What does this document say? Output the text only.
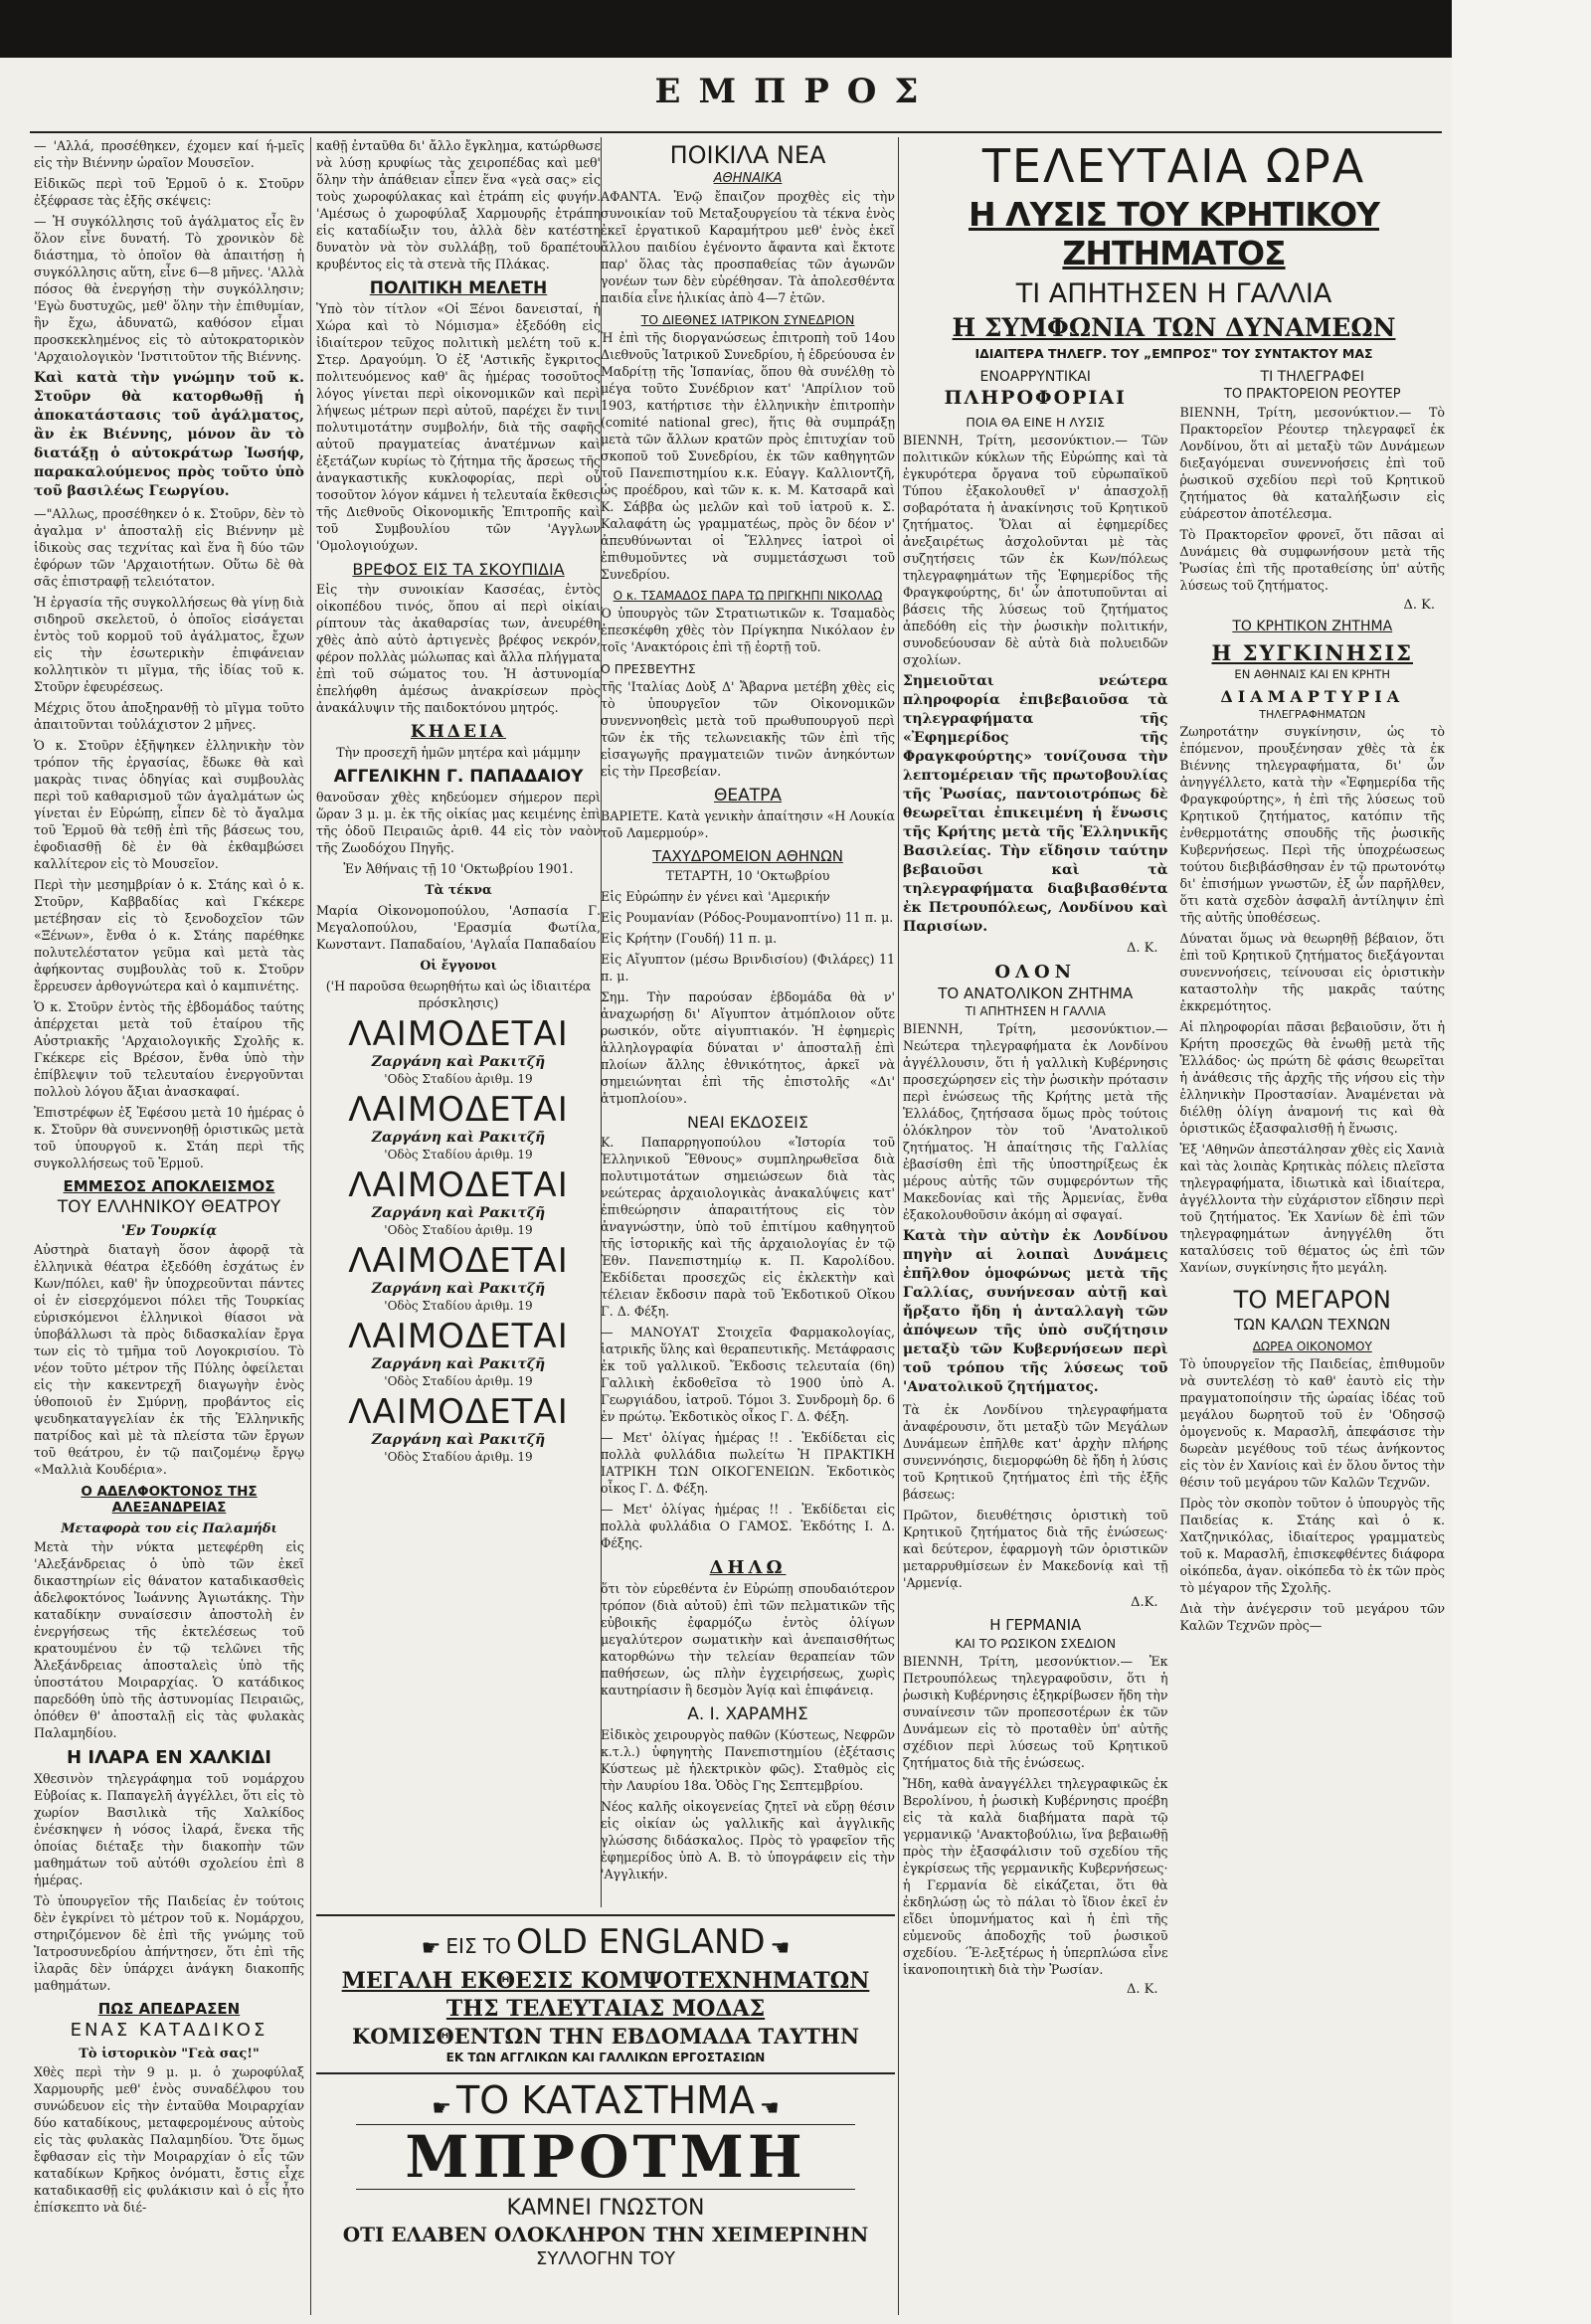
ΕΜΠΡΟΣ

— 'Αλλά, προσέθηκεν, έχομεν καί ή-μεῖς εἰς τὴν Βιέννην ὡραῖον Μουσεῖον.

Εἰδικῶς περὶ τοῦ Ἑρμοῦ ὁ κ. Στοῦρν ἐξέφρασε τὰς ἑξῆς σκέψεις:

— Ἡ συγκόλλησις τοῦ ἀγάλματος εἶς ἓν ὅλον εἶνε δυνατή. Τὸ χρονικὸν δὲ διάστημα, τὸ ὁποῖον θὰ ἀπαιτήσῃ ἡ συγκόλλησις αὕτη, εἶνε 6—8 μῆνες. 'Αλλὰ πόσος θὰ ἐνεργήσῃ τὴν συγκόλλησιν; 'Εγὼ δυστυχῶς, μεθ' ὅλην τὴν ἐπιθυμίαν, ἣν ἔχω, ἀδυνατῶ, καθόσον εἶμαι προσκεκλημένος εἰς τὸ αὐτοκρατορικὸν 'Αρχαιολογικὸν 'Ινστιτοῦτον τῆς Βιέννης.

Καὶ κατὰ τὴν γνώμην τοῦ κ. Στοῦρν θὰ κατορθωθῇ ἡ ἀποκατάστασις τοῦ ἀγάλματος, ἂν ἐκ Βιέννης, μόνον ἂν τὸ διατάξῃ ὁ αὐτοκράτωρ Ἰωσήφ, παρακαλούμενος πρὸς τοῦτο ὑπὸ τοῦ βασιλέως Γεωργίου.

—"Αλλως, προσέθηκεν ὁ κ. Στοῦρν, δὲν τὸ ἀγαλμα ν' ἀποσταλῇ εἰς Βιέννην μὲ ἰδικοὺς σας τεχνίτας καὶ ἕνα ἢ δύο τῶν ἐφόρων τῶν 'Αρχαιοτήτων. Οὕτω δὲ θὰ σᾶς ἐπιστραφῇ τελειότατον.

Ἡ ἐργασία τῆς συγκολλήσεως θὰ γίνῃ διὰ σιδηροῦ σκελετοῦ, ὁ ὁποῖος εἰσάγεται ἐντὸς τοῦ κορμοῦ τοῦ ἀγάλματος, ἔχων εἰς τὴν ἐσωτερικὴν ἐπιφάνειαν κολλητικὸν τι μῖγμα, τῆς ἰδίας τοῦ κ. Στοῦρν ἐφευρέσεως.

Μέχρις ὅτου ἀποξηρανθῇ τὸ μῖγμα τοῦτο ἀπαιτοῦνται τοὐλάχιστον 2 μῆνες.

Ὁ κ. Στοῦρν ἐξῆψηκεν ἐλληνικὴν τὸν τρόπον τῆς ἐργασίας, ἔδωκε θὰ καὶ μακρὰς τινας ὁδηγίας καὶ συμβουλὰς περὶ τοῦ καθαρισμοῦ τῶν ἀγαλμάτων ὡς γίνεται ἐν Εὐρώπῃ, εἶπεν δὲ τὸ ἄγαλμα τοῦ Ἑρμοῦ θὰ τεθῇ ἐπὶ τῆς βάσεως του, ἐφοδιασθῇ δὲ ἐν θὰ ἐκθαμβώσει καλλίτερον εἰς τὸ Μουσεῖον.

Περὶ τὴν μεσημβρίαν ὁ κ. Στάης καὶ ὁ κ. Στοῦρν, Καββαδίας καὶ Γκέκερε μετέβησαν εἰς τὸ ξενοδοχεῖον τῶν «Ξένων», ἔνθα ὁ κ. Στάης παρέθηκε πολυτελέστατον γεῦμα καὶ μετὰ τὰς ἀφήκοντας συμβουλὰς τοῦ κ. Στοῦρν ἔρρευσεν ἀρθογνώτερα καὶ ὁ καμπινέτης.

Ὁ κ. Στοῦρν ἐντὸς τῆς ἑβδομάδος ταύτης ἀπέρχεται μετὰ τοῦ ἑταίρου τῆς Αὐστριακῆς 'Αρχαιολογικῆς Σχολῆς κ. Γκέκερε εἰς Βρέσον, ἔνθα ὑπὸ τὴν ἐπίβλεψιν τοῦ τελευταίου ἐνεργοῦνται πολλοὺ λόγου ἄξιαι ἀνασκαφαί.

Ἐπιστρέφων ἐξ Ἐφέσου μετὰ 10 ἡμέρας ὁ κ. Στοῦρν θὰ συνεννοηθῇ ὁριστικῶς μετὰ τοῦ ὑπουργοῦ κ. Στάη περὶ τῆς συγκολλήσεως τοῦ Ἑρμοῦ.

ΕΜΜΕΣΟΣ ΑΠΟΚΛΕΙΣΜΟΣ
ΤΟΥ ΕΛΛΗΝΙΚΟΥ ΘΕΑΤΡΟΥ
'Εν Τουρκίᾳ

Αὐστηρὰ διαταγὴ ὅσον ἀφορᾷ τὰ ἐλληνικὰ θέατρα ἐξεδόθη ἐσχάτως ἐν Κων/πόλει, καθ' ἣν ὑποχρεοῦνται πάντες οἱ ἐν εἰσερχόμενοι πόλει τῆς Τουρκίας εὑρισκόμενοι ἑλληνικοὶ θίασοι νὰ ὑποβάλλωσι τὰ πρὸς διδασκαλίαν ἔργα των εἰς τὸ τμῆμα τοῦ Λογοκρισίου. Τὸ νέον τοῦτο μέτρον τῆς Πύλης ὀφείλεται εἰς τὴν κακεντρεχῆ διαγωγὴν ἐνὸς ὑθοποιοῦ ἐν Σμύρνῃ, προβάντος εἰς ψευδηκαταγγελίαν ἐκ τῆς Ἑλληνικῆς πατρίδος καὶ μὲ τὰ πλείστα τῶν ἔργων τοῦ θεάτρου, ἐν τῷ παιζομένῳ ἔργῳ «Μαλλιὰ Κουδέρια».

Ο ΑΔΕΛΦΟΚΤΟΝΟΣ ΤΗΣ ΑΛΕΞΑΝΔΡΕΙΑΣ
Μεταφορὰ του εἰς Παλαμήδι

Μετὰ τὴν νύκτα μετεφέρθη εἰς 'Αλεξάνδρειας ὁ ὑπὸ τῶν ἐκεῖ δικαστηρίων εἰς θάνατον καταδικασθεὶς ἀδελφοκτόνος Ἰωάννης Ἀγιωτάκης. Τὴν καταδίκην συναίσεσιν ἀποστολὴ ἐν ἐνεργήσεως τῆς ἐκτελέσεως τοῦ κρατουμένου ἐν τῷ τελῶνει τῆς Ἀλεξάνδρειας ἀποσταλεὶς ὑπὸ τῆς ὑποστάτου Μοιραρχίας. Ὁ κατάδικος παρεδόθη ὑπὸ τῆς ἀστυνομίας Πειραιῶς, ὁπόθεν θ' ἀποσταλῇ εἰς τὰς φυλακὰς Παλαμηδίου.

Η ΙΛΑΡΑ ΕΝ ΧΑΛΚΙΔΙ

Χθεσινὸν τηλεγράφημα τοῦ νομάρχου Εὐβοίας κ. Παπαγελῆ ἀγγέλλει, ὅτι εἰς τὸ χωρίον Βασιλικὰ τῆς Χαλκίδος ἐνέσκηψεν ἡ νόσος ἰλαρά, ἕνεκα τῆς ὁποίας διέταξε τὴν διακοπὴν τῶν μαθημάτων τοῦ αὐτόθι σχολείου ἐπὶ 8 ἡμέρας.

Τὸ ὑπουργεῖον τῆς Παιδείας ἐν τούτοις δὲν ἐγκρίνει τὸ μέτρον τοῦ κ. Νομάρχου, στηριζόμενον δὲ ἐπὶ τῆς γνώμης τοῦ Ἰατροσυνεδρίου ἀπήντησεν, ὅτι ἐπὶ τῆς ἰλαρᾶς δὲν ὑπάρχει ἀνάγκη διακοπῆς μαθημάτων.

ΠΩΣ ΑΠΕΔΡΑΣΕΝ
ΕΝΑΣ ΚΑΤΑΔΙΚΟΣ
Τὸ ἱστορικὸν "Γεὰ σας!"

Χθὲς περὶ τὴν 9 μ. μ. ὁ χωροφύλαξ Χαρμουρῆς μεθ' ἑνὸς συναδέλφου του συνώδευον εἰς τὴν ἐνταῦθα Μοιραρχίαν δύο καταδίκους, μεταφερομένους αὐτοὺς εἰς τὰς φυλακὰς Παλαμηδίου. Ὅτε ὅμως ἔφθασαν εἰς τὴν Μοιραρχίαν ὁ εἷς τῶν καταδίκων Κρῆκος ὀνόματι, ἔστις εἶχε καταδικασθῇ εἰς φυλάκισιν καὶ ὁ εἷς ἦτο ἐπίσκεπτο νὰ διέ-

καθῇ ἐνταῦθα δι' ἄλλο ἔγκλημα, κατώρθωσε νὰ λύσῃ κρυφίως τὰς χειροπέδας καὶ μεθ' ὅλην τὴν ἀπάθειαν εἶπεν ἕνα «γεὰ σας» εἰς τοὺς χωροφύλακας καὶ ἐτράπη εἰς φυγήν. 'Αμέσως ὁ χωροφύλαξ Χαρμουρῆς ἐτράπη εἰς καταδίωξιν του, ἀλλὰ δὲν κατέστη δυνατὸν νὰ τὸν συλλάβῃ, τοῦ δραπέτου κρυβέντος εἰς τὰ στενὰ τῆς Πλάκας.

ΠΟΛΙΤΙΚΗ ΜΕΛΕΤΗ

Ὑπὸ τὸν τίτλον «Οἱ Ξένοι δανεισταί, ἡ Χώρα καὶ τὸ Νόμισμα» ἐξεδόθη εἰς ἰδιαίτερον τεῦχος πολιτικὴ μελέτη τοῦ κ. Στερ. Δραγούμη. Ὁ ἐξ 'Αστικῆς ἔγκριτος πολιτευόμενος καθ' ἃς ἡμέρας τοσοῦτος λόγος γίνεται περὶ οἰκονομικῶν καὶ περὶ λήψεως μέτρων περὶ αὐτοῦ, παρέχει ἔν τινι πολυτιμοτάτην συμβολήν, διὰ τῆς σαφῆς αὐτοῦ πραγματείας ἀνατέμνων καὶ ἐξετάζων κυρίως τὸ ζήτημα τῆς ἄρσεως τῆς ἀναγκαστικῆς κυκλοφορίας, περὶ οὗ τοσοῦτον λόγον κάμνει ἡ τελευταία ἔκθεσις τῆς Διεθνοῦς Οἰκονομικῆς Ἐπιτροπῆς καὶ τοῦ Συμβουλίου τῶν 'Αγγλων 'Ομολογιούχων.

ΒΡΕΦΟΣ ΕΙΣ ΤΑ ΣΚΟΥΠΙΔΙΑ

Εἰς τὴν συνοικίαν Κασσέας, ἐντὸς οἰκοπέδου τινός, ὅπου αἱ περὶ οἰκίαι ρίπτουν τὰς ἀκαθαρσίας των, ἀνευρέθη χθὲς ἀπὸ αὐτὸ ἀρτιγενὲς βρέφος νεκρόν, φέρον πολλὰς μώλωπας καὶ ἄλλα πλήγματα ἐπὶ τοῦ σώματος του. Ἡ ἀστυνομία ἐπελήφθη ἀμέσως ἀνακρίσεων πρὸς ἀνακάλυψιν τῆς παιδοκτόνου μητρός.

ΚΗΔΕΙΑ

Τὴν προσεχῆ ἡμῶν μητέρα καὶ μάμμην

ΑΓΓΕΛΙΚΗΝ Γ. ΠΑΠΑΔΑΙΟΥ

θανοῦσαν χθὲς κηδεύομεν σήμερον περὶ ὥραν 3 μ. μ. ἐκ τῆς οἰκίας μας κειμένης ἐπὶ τῆς ὁδοῦ Πειραιῶς ἀριθ. 44 εἰς τὸν ναὸν τῆς Ζωοδόχου Πηγῆς.

Ἐν Ἀθήναις τῇ 10 'Οκτωβρίου 1901.

Τὰ τέκνα

Μαρία Οἰκονομοπούλου, 'Ασπασία Γ. Μεγαλοπούλου, 'Ερασμία Φωτίλα, Κωνσταντ. Παπαδαίου, 'Αγλαΐα Παπαδαίου

Οἱ ἔγγονοι

('Η παροῦσα θεωρηθήτω καὶ ὡς ἰδιαιτέρα πρόσκλησις)

ΛΑΙΜΟΔΕΤΑΙ
Ζαργάνη καὶ Ρακιτζῆ
'Οδὸς Σταδίου ἀριθμ. 19
ΛΑΙΜΟΔΕΤΑΙ
Ζαργάνη καὶ Ρακιτζῆ
'Οδὸς Σταδίου ἀριθμ. 19
ΛΑΙΜΟΔΕΤΑΙ
Ζαργάνη καὶ Ρακιτζῆ
'Οδὸς Σταδίου ἀριθμ. 19
ΛΑΙΜΟΔΕΤΑΙ
Ζαργάνη καὶ Ρακιτζῆ
'Οδὸς Σταδίου ἀριθμ. 19
ΛΑΙΜΟΔΕΤΑΙ
Ζαργάνη καὶ Ρακιτζῆ
'Οδὸς Σταδίου ἀριθμ. 19
ΛΑΙΜΟΔΕΤΑΙ
Ζαργάνη καὶ Ρακιτζῆ
'Οδὸς Σταδίου ἀριθμ. 19
ΠΟΙΚΙΛΑ ΝΕΑ
ΑΘΗΝΑΙΚΑ

ΑΦΑΝΤΑ. Ἐνῷ ἔπαιζον προχθὲς εἰς τὴν συνοικίαν τοῦ Μεταξουργείου τὰ τέκνα ἑνὸς ἐκεῖ ἐργατικοῦ Καραμήτρου μεθ' ἑνὸς ἐκεῖ ἄλλου παιδίου ἐγένοντο ἄφαντα καὶ ἔκτοτε παρ' ὅλας τὰς προσπαθείας τῶν ἀγωνῶν γονέων των δὲν εὑρέθησαν. Τὰ ἀπολεσθέντα παιδία εἶνε ἡλικίας ἀπὸ 4—7 ἐτῶν.

ΤΟ ΔΙΕΘΝΕΣ ΙΑΤΡΙΚΟΝ ΣΥΝΕΔΡΙΟΝ

Ἡ ἐπὶ τῆς διοργανώσεως ἐπιτροπὴ τοῦ 14ου Διεθνοῦς Ἰατρικοῦ Συνεδρίου, ἡ ἐδρεύουσα ἐν Μαδρίτῃ τῆς Ἱσπανίας, ὅπου θὰ συνέλθῃ τὸ μέγα τοῦτο Συνέδριον κατ' 'Απρίλιον τοῦ 1903, κατήρτισε τὴν ἑλληνικὴν ἐπιτροπὴν (comité national grec), ἥτις θὰ συμπράξῃ μετὰ τῶν ἄλλων κρατῶν πρὸς ἐπιτυχίαν τοῦ σκοποῦ τοῦ Συνεδρίου, ἐκ τῶν καθηγητῶν τοῦ Πανεπιστημίου κ.κ. Εὐαγγ. Καλλιοντζῆ, ὡς προέδρου, καὶ τῶν κ. κ. Μ. Κατσαρᾶ καὶ Κ. Σάββα ὡς μελῶν καὶ τοῦ ἰατροῦ κ. Σ. Καλαφάτη ὡς γραμματέως, πρὸς ὃν δέον ν' ἀπευθύνωνται οἱ Ἕλληνες ἰατροὶ οἱ ἐπιθυμοῦντες νὰ συμμετάσχωσι τοῦ Συνεδρίου.

Ο κ. ΤΣΑΜΑΔΟΣ ΠΑΡΑ ΤΩ ΠΡΙΓΚΗΠΙ ΝΙΚΟΛΑΩ

Ὁ ὑπουργὸς τῶν Στρατιωτικῶν κ. Τσαμαδὸς ἐπεσκέφθη χθὲς τὸν Πρίγκηπα Νικόλαον ἐν τοῖς 'Ανακτόροις ἐπὶ τῇ ἑορτῇ τοῦ.

Ο ΠΡΕΣΒΕΥΤΗΣ

τῆς 'Ιταλίας Δοὺξ Δ' Ἄβαρνα μετέβη χθὲς εἰς τὸ ὑπουργεῖον τῶν Οἰκονομικῶν συνεννοηθεὶς μετὰ τοῦ πρωθυπουργοῦ περὶ τῶν ἐκ τῆς τελωνειακῆς τῶν ἐπὶ τῆς εἰσαγωγῆς πραγματειῶν τινῶν ἀνηκόντων εἰς τὴν Πρεσβείαν.

ΘΕΑΤΡΑ

ΒΑΡΙΕΤΕ. Κατὰ γενικὴν ἀπαίτησιν «Η Λουκία τοῦ Λαμερμούρ».

ΤΑΧΥΔΡΟΜΕΙΟΝ ΑΘΗΝΩΝ

ΤΕΤΑΡΤΗ, 10 'Οκτωβρίου

Εἰς Εὐρώπην ἐν γένει καὶ 'Αμερικήν

Εἰς Ρουμανίαν (Ρόδος-Ρουμανοπτίνο) 11 π. μ.

Εἰς Κρήτην (Γουδή) 11 π. μ.

Εἰς Αἴγυπτον (μέσω Βρινδισίου) (Φιλάρες) 11 π. μ.

Σημ. Τὴν παρούσαν ἑβδομάδα θὰ ν' ἀναχωρήσῃ δι' Αἴγυπτον ἀτμόπλοιον οὔτε ρωσικόν, οὔτε αἰγυπτιακόν. Ἡ ἐφημερὶς ἀλληλογραφία δύναται ν' ἀποσταλῇ ἐπὶ πλοίων ἄλλης ἐθνικότητος, ἀρκεῖ νὰ σημειώνηται ἐπὶ τῆς ἐπιστολῆς «Δι' ἀτμοπλοίου».

ΝΕΑΙ ΕΚΔΟΣΕΙΣ

Κ. Παπαρρηγοπούλου «Ἱστορία τοῦ Ἑλληνικοῦ Ἔθνους» συμπληρωθεῖσα διὰ πολυτιμοτάτων σημειώσεων διὰ τὰς νεώτερας ἀρχαιολογικὰς ἀνακαλύψεις κατ' ἐπιθεώρησιν ἀπαραιτήτους εἰς τὸν ἀναγνώστην, ὑπὸ τοῦ ἐπιτίμου καθηγητοῦ τῆς ἱστορικῆς καὶ τῆς ἀρχαιολογίας ἐν τῷ Ἐθν. Πανεπιστημίῳ κ. Π. Καρολίδου. Ἐκδίδεται προσεχῶς εἰς ἐκλεκτὴν καὶ τέλειαν ἔκδοσιν παρὰ τοῦ Ἐκδοτικοῦ Οἴκου Γ. Δ. Φέξη.

— ΜΑΝΟΥΑΤ Στοιχεῖα Φαρμακολογίας, ἰατρικῆς ὕλης καὶ θεραπευτικῆς. Μετάφρασις ἐκ τοῦ γαλλικοῦ. Ἔκδοσις τελευταία (6η) Γαλλικὴ ἐκδοθεῖσα τὸ 1900 ὑπὸ Α. Γεωργιάδου, ἰατροῦ. Τόμοι 3. Συνδρομὴ δρ. 6 ἐν πρώτῳ. Ἐκδοτικὸς οἶκος Γ. Δ. Φέξη.

— Μετ' ὀλίγας ἡμέρας !! . Ἐκδίδεται εἰς πολλὰ φυλλάδια πωλείτω Ἡ ΠΡΑΚΤΙΚΗ ΙΑΤΡΙΚΗ ΤΩΝ ΟΙΚΟΓΕΝΕΙΩΝ. Ἐκδοτικὸς οἶκος Γ. Δ. Φέξη.

— Μετ' ὀλίγας ἡμέρας !! . Ἐκδίδεται εἰς πολλὰ φυλλάδια Ο ΓΑΜΟΣ. Ἐκδότης Ι. Δ. Φέξης.

ΔΗΛΩ

ὅτι τὸν εὑρεθέντα ἐν Εὐρώπῃ σπουδαιότερον τρόπον (διὰ αὐτοῦ) ἐπὶ τῶν πελματικῶν τῆς εὐβοικῆς ἐφαρμόζω ἐντὸς ὀλίγων μεγαλύτερον σωματικὴν καὶ ἀνεπαισθήτως κατορθώνω τὴν τελείαν θεραπείαν τῶν παθήσεων, ὡς πλὴν ἐγχειρήσεως, χωρὶς καυτηρίασιν ἢ δεσμὸν Ἁγίᾳ καὶ ἐπιφάνειᾳ.

Α. Ι. ΧΑΡΑΜΗΣ

Εἰδικὸς χειρουργὸς παθῶν (Κύστεως, Νεφρῶν κ.τ.λ.) ὑφηγητὴς Πανεπιστημίου (ἐξέτασις Κύστεως μὲ ἠλεκτρικὸν φῶς). Σταθμὸς εἰς τὴν Λαυρίου 18α. Ὁδὸς Γης Σεπτεμβρίου.

Νέος καλῆς οἰκογενείας ζητεῖ νὰ εὕρῃ θέσιν εἰς οἰκίαν ὡς γαλλικῆς καὶ ἀγγλικῆς γλώσσης διδάσκαλος. Πρὸς τὸ γραφεῖον τῆς ἐφημερίδος ὑπὸ Α. Β. τὸ ὑπογράφειν εἰς τὴν 'Αγγλικήν.

ΤΕΛΕΥΤΑΙΑ ΩΡΑ
Η ΛΥΣΙΣ ΤΟΥ ΚΡΗΤΙΚΟΥ ΖΗΤΗΜΑΤΟΣ
ΤΙ ΑΠΗΤΗΣΕΝ Η ΓΑΛΛΙΑ
Η ΣΥΜΦΩΝΙΑ ΤΩΝ ΔΥΝΑΜΕΩΝ
ΙΔΙΑΙΤΕΡΑ ΤΗΛΕΓΡ. ΤΟΥ „ΕΜΠΡΟΣ" ΤΟΥ ΣΥΝΤΑΚΤΟΥ ΜΑΣ
ΕΝΟΑΡΡΥΝΤΙΚΑΙ
ΠΛΗΡΟΦΟΡΙΑΙ
ΠΟΙΑ ΘΑ ΕΙΝΕ Η ΛΥΣΙΣ

ΒΙΕΝΝΗ, Τρίτη, μεσονύκτιον.— Τῶν πολιτικῶν κύκλων τῆς Εὐρώπης καὶ τὰ ἐγκυρότερα ὄργανα τοῦ εὐρωπαϊκοῦ Τύπου ἐξακολουθεῖ ν' ἀπασχολῇ σοβαρότατα ἡ ἀνακίνησις τοῦ Κρητικοῦ ζητήματος. Ὅλαι αἱ ἐφημερίδες ἀνεξαιρέτως ἀσχολοῦνται μὲ τὰς συζητήσεις τῶν ἐκ Κων/πόλεως τηλεγραφημάτων τῆς Ἐφημερίδος τῆς Φραγκφούρτης, δι' ὧν ἀποτυποῦνται αἱ βάσεις τῆς λύσεως τοῦ ζητήματος ἀπεδόθη εἰς τὴν ῥωσικὴν πολιτικήν, συνοδεύουσαν δὲ αὐτὰ διὰ πολυειδῶν σχολίων.

Σημειοῦται νεώτερα πληροφορία ἐπιβεβαιοῦσα τὰ τηλεγραφήματα τῆς «Ἐφημερίδος τῆς Φραγκφούρτης» τονίζουσα τὴν λεπτομέρειαν τῆς πρωτοβουλίας τῆς Ῥωσίας, παντοιοτρόπως δὲ θεωρεῖται ἐπικειμένη ἡ ἕνωσις τῆς Κρήτης μετὰ τῆς Ἑλληνικῆς Βασιλείας. Τὴν εἴδησιν ταύτην βεβαιοῦσι καὶ τὰ τηλεγραφήματα διαβιβασθέντα ἐκ Πετρουπόλεως, Λονδίνου καὶ Παρισίων.

Δ. Κ.
ΟΛΟΝ
ΤΟ ΑΝΑΤΟΛΙΚΟΝ ΖΗΤΗΜΑ
ΤΙ ΑΠΗΤΗΣΕΝ Η ΓΑΛΛΙΑ

ΒΙΕΝΝΗ, Τρίτη, μεσονύκτιον.— Νεώτερα τηλεγραφήματα ἐκ Λονδίνου ἀγγέλλουσιν, ὅτι ἡ γαλλικὴ Κυβέρνησις προσεχώρησεν εἰς τὴν ῥωσικὴν πρότασιν περὶ ἑνώσεως τῆς Κρήτης μετὰ τῆς Ἑλλάδος, ζητήσασα ὅμως πρὸς τούτοις ὁλόκληρον τὸν τοῦ 'Ανατολικοῦ ζητήματος. Ἡ ἀπαίτησις τῆς Γαλλίας ἐβασίσθη ἐπὶ τῆς ὑποστηρίξεως ἐκ μέρους αὐτῆς τῶν συμφερόντων τῆς Μακεδονίας καὶ τῆς Ἀρμενίας, ἔνθα ἐξακολουθοῦσιν ἀκόμη αἱ σφαγαί.

Κατὰ τὴν αὐτὴν ἐκ Λονδίνου πηγὴν αἱ λοιπαὶ Δυνάμεις ἐπῆλθον ὁμοφώνως μετὰ τῆς Γαλλίας, συνήνεσαν αὐτῇ καὶ ἤρξατο ἤδη ἡ ἀνταλλαγὴ τῶν ἀπόψεων τῆς ὑπὸ συζήτησιν μεταξὺ τῶν Κυβερνήσεων περὶ τοῦ τρόπου τῆς λύσεως τοῦ 'Ανατολικοῦ ζητήματος.

Τὰ ἐκ Λονδίνου τηλεγραφήματα ἀναφέρουσιν, ὅτι μεταξὺ τῶν Μεγάλων Δυνάμεων ἐπῆλθε κατ' ἀρχὴν πλήρης συνεννόησις, διεμορφώθη δὲ ἤδη ἡ λύσις τοῦ Κρητικοῦ ζητήματος ἐπὶ τῆς ἑξῆς βάσεως:

Πρῶτον, διευθέτησις ὁριστικὴ τοῦ Κρητικοῦ ζητήματος διὰ τῆς ἑνώσεως· καὶ δεύτερον, ἐφαρμογὴ τῶν ὁριστικῶν μεταρρυθμίσεων ἐν Μακεδονίᾳ καὶ τῇ 'Αρμενίᾳ.

Δ.Κ.
Η ΓΕΡΜΑΝΙΑ
ΚΑΙ ΤΟ ΡΩΣΙΚΟΝ ΣΧΕΔΙΟΝ

ΒΙΕΝΝΗ, Τρίτη, μεσονύκτιον.— Ἐκ Πετρουπόλεως τηλεγραφοῦσιν, ὅτι ἡ ῥωσικὴ Κυβέρνησις ἐξηκρίβωσεν ἤδη τὴν συναίνεσιν τῶν προπεσοτέρων ἐκ τῶν Δυνάμεων εἰς τὸ προταθὲν ὑπ' αὐτῆς σχέδιον περὶ λύσεως τοῦ Κρητικοῦ ζητήματος διὰ τῆς ἑνώσεως.

Ἤδη, καθὰ ἀναγγέλλει τηλεγραφικῶς ἐκ Βερολίνου, ἡ ῥωσικὴ Κυβέρνησις προέβη εἰς τὰ καλὰ διαβήματα παρὰ τῷ γερμανικῷ 'Ανακτοβούλιω, ἵνα βεβαιωθῇ πρὸς τὴν ἐξασφάλισιν τοῦ σχεδίου τῆς ἐγκρίσεως τῆς γερμανικῆς Κυβερνήσεως· ἡ Γερμανία δὲ εἰκάζεται, ὅτι θὰ ἐκδηλώσῃ ὡς τὸ πάλαι τὸ ἴδιον ἐκεῖ ἐν εἴδει ὑπομνήματος καὶ ἡ ἐπὶ τῆς εὐμενοῦς ἀποδοχῆς τοῦ ῥωσικοῦ σχεδίου. ΄Ἐ-λεξτέρως ἡ ὑπερπλώσα εἶνε ἱκανοποιητικὴ διὰ τὴν Ῥωσίαν.

Δ. Κ.
ΤΙ ΤΗΛΕΓΡΑΦΕΙ
ΤΟ ΠΡΑΚΤΟΡΕΙΟΝ ΡΕΟΥΤΕΡ

ΒΙΕΝΝΗ, Τρίτη, μεσονύκτιον.— Τὸ Πρακτορεῖον Ρέουτερ τηλεγραφεῖ ἐκ Λονδίνου, ὅτι αἱ μεταξὺ τῶν Δυνάμεων διεξαγόμεναι συνεννοήσεις ἐπὶ τοῦ ῥωσικοῦ σχεδίου περὶ τοῦ Κρητικοῦ ζητήματος θὰ καταλήξωσιν εἰς εὐάρεστον ἀποτέλεσμα.

Τὸ Πρακτορεῖον φρονεῖ, ὅτι πᾶσαι αἱ Δυνάμεις θὰ συμφωνήσουν μετὰ τῆς Ῥωσίας ἐπὶ τῆς προταθείσης ὑπ' αὐτῆς λύσεως τοῦ ζητήματος.

Δ. Κ.
ΤΟ ΚΡΗΤΙΚΟΝ ΖΗΤΗΜΑ
Η ΣΥΓΚΙΝΗΣΙΣ
ΕΝ ΑΘΗΝΑΙΣ ΚΑΙ ΕΝ ΚΡΗΤΗ
ΔΙΑΜΑΡΤΥΡΙΑ
ΤΗΛΕΓΡΑΦΗΜΑΤΩΝ

Ζωηροτάτην συγκίνησιν, ὡς τὸ ἐπόμενον, προυξένησαν χθὲς τὰ ἐκ Βιέννης τηλεγραφήματα, δι' ὧν ἀνηγγέλλετο, κατὰ τὴν «Ἐφημερίδα τῆς Φραγκφούρτης», ἡ ἐπὶ τῆς λύσεως τοῦ Κρητικοῦ ζητήματος, κατόπιν τῆς ἐνθερμοτάτης σπουδῆς τῆς ῥωσικῆς Κυβερνήσεως. Περὶ τῆς ὑποχρέωσεως τούτου διεβιβάσθησαν ἐν τῷ πρωτονότῳ δι' ἐπισήμων γνωστῶν, ἐξ ὧν παρῆλθεν, ὅτι κατὰ σχεδὸν ἀσφαλῆ ἀντίληψιν ἐπὶ τῆς αὐτῆς ὑποθέσεως.

Δύναται ὅμως νὰ θεωρηθῇ βέβαιον, ὅτι ἐπὶ τοῦ Κρητικοῦ ζητήματος διεξάγονται συνεννοήσεις, τείνουσαι εἰς ὁριστικὴν καταστολὴν τῆς μακρᾶς ταύτης ἐκκρεμότητος.

Αἱ πληροφορίαι πᾶσαι βεβαιοῦσιν, ὅτι ἡ Κρήτη προσεχῶς θὰ ἑνωθῇ μετὰ τῆς Ἑλλάδος· ὡς πρώτη δὲ φάσις θεωρεῖται ἡ ἀνάθεσις τῆς ἀρχῆς τῆς νήσου εἰς τὴν ἑλληνικὴν Προστασίαν. Ἀναμένεται νὰ διέλθῃ ὁλίγη ἀναμονή τις καὶ θὰ ὁριστικῶς ἐξασφαλισθῇ ἡ ἕνωσις.

Ἐξ 'Αθηνῶν ἀπεστάλησαν χθὲς εἰς Χανιὰ καὶ τὰς λοιπὰς Κρητικὰς πόλεις πλεῖστα τηλεγραφήματα, ἰδιωτικὰ καὶ ἰδιαίτερα, ἀγγέλλοντα τὴν εὐχάριστον εἴδησιν περὶ τοῦ ζητήματος. Ἐκ Χανίων δὲ ἐπὶ τῶν τηλεγραφημάτων ἀνηγγέλθη ὅτι καταλύσεις τοῦ θέματος ὡς ἐπὶ τῶν Χανίων, συγκίνησις ἤτο μεγάλη.

ΤΟ ΜΕΓΑΡΟΝ
ΤΩΝ ΚΑΛΩΝ ΤΕΧΝΩΝ
ΔΩΡΕΑ ΟΙΚΟΝΟΜΟΥ

Τὸ ὑπουργεῖον τῆς Παιδείας, ἐπιθυμοῦν νὰ συντελέσῃ τὸ καθ' ἑαυτὸ εἰς τὴν πραγματοποίησιν τῆς ὡραίας ἰδέας τοῦ μεγάλου δωρητοῦ τοῦ ἐν 'Οδησσῷ ὁμογενοῦς κ. Μαρασλῆ, ἀπεφάσισε τὴν δωρεὰν μεγέθους τοῦ τέως ἀνήκοντος εἰς τὸν ἐν Χανίοις καὶ ἐν ὅλου ὄντος τὴν θέσιν τοῦ μεγάρου τῶν Καλῶν Τεχνῶν.

Πρὸς τὸν σκοπὸν τοῦτον ὁ ὑπουργὸς τῆς Παιδείας κ. Στάης καὶ ὁ κ. Χατζηνικόλας, ἰδιαίτερος γραμματεὺς τοῦ κ. Μαρασλῆ, ἐπισκεφθέντες διάφορα οἰκόπεδα, ἀγαν. οἰκόπεδα τὸ ἐκ τῶν πρὸς τὸ μέγαρον τῆς Σχολῆς.

Διὰ τὴν ἀνέγερσιν τοῦ μεγάρου τῶν Καλῶν Τεχνῶν πρὸς—

☛ ΕΙΣ ΤΟ OLD ENGLAND ☚
ΜΕΓΑΛΗ ΕΚΘΕΣΙΣ ΚΟΜΨΟΤΕΧΝΗΜΑΤΩΝ
ΤΗΣ ΤΕΛΕΥΤΑΙΑΣ ΜΟΔΑΣ
ΚΟΜΙΣΘΕΝΤΩΝ ΤΗΝ ΕΒΔΟΜΑΔΑ ΤΑΥΤΗΝ
ΕΚ ΤΩΝ ΑΓΓΛΙΚΩΝ ΚΑΙ ΓΑΛΛΙΚΩΝ ΕΡΓΟΣΤΑΣΙΩΝ
☛ ΤΟ ΚΑΤΑΣΤΗΜΑ ☚
ΜΠΡΟΤΜΗ
ΚΑΜΝΕΙ ΓΝΩΣΤΟΝ
ΟΤΙ ΕΛΑΒΕΝ ΟΛΟΚΛΗΡΟΝ ΤΗΝ ΧΕΙΜΕΡΙΝΗΝ
ΣΥΛΛΟΓΗΝ ΤΟΥ
